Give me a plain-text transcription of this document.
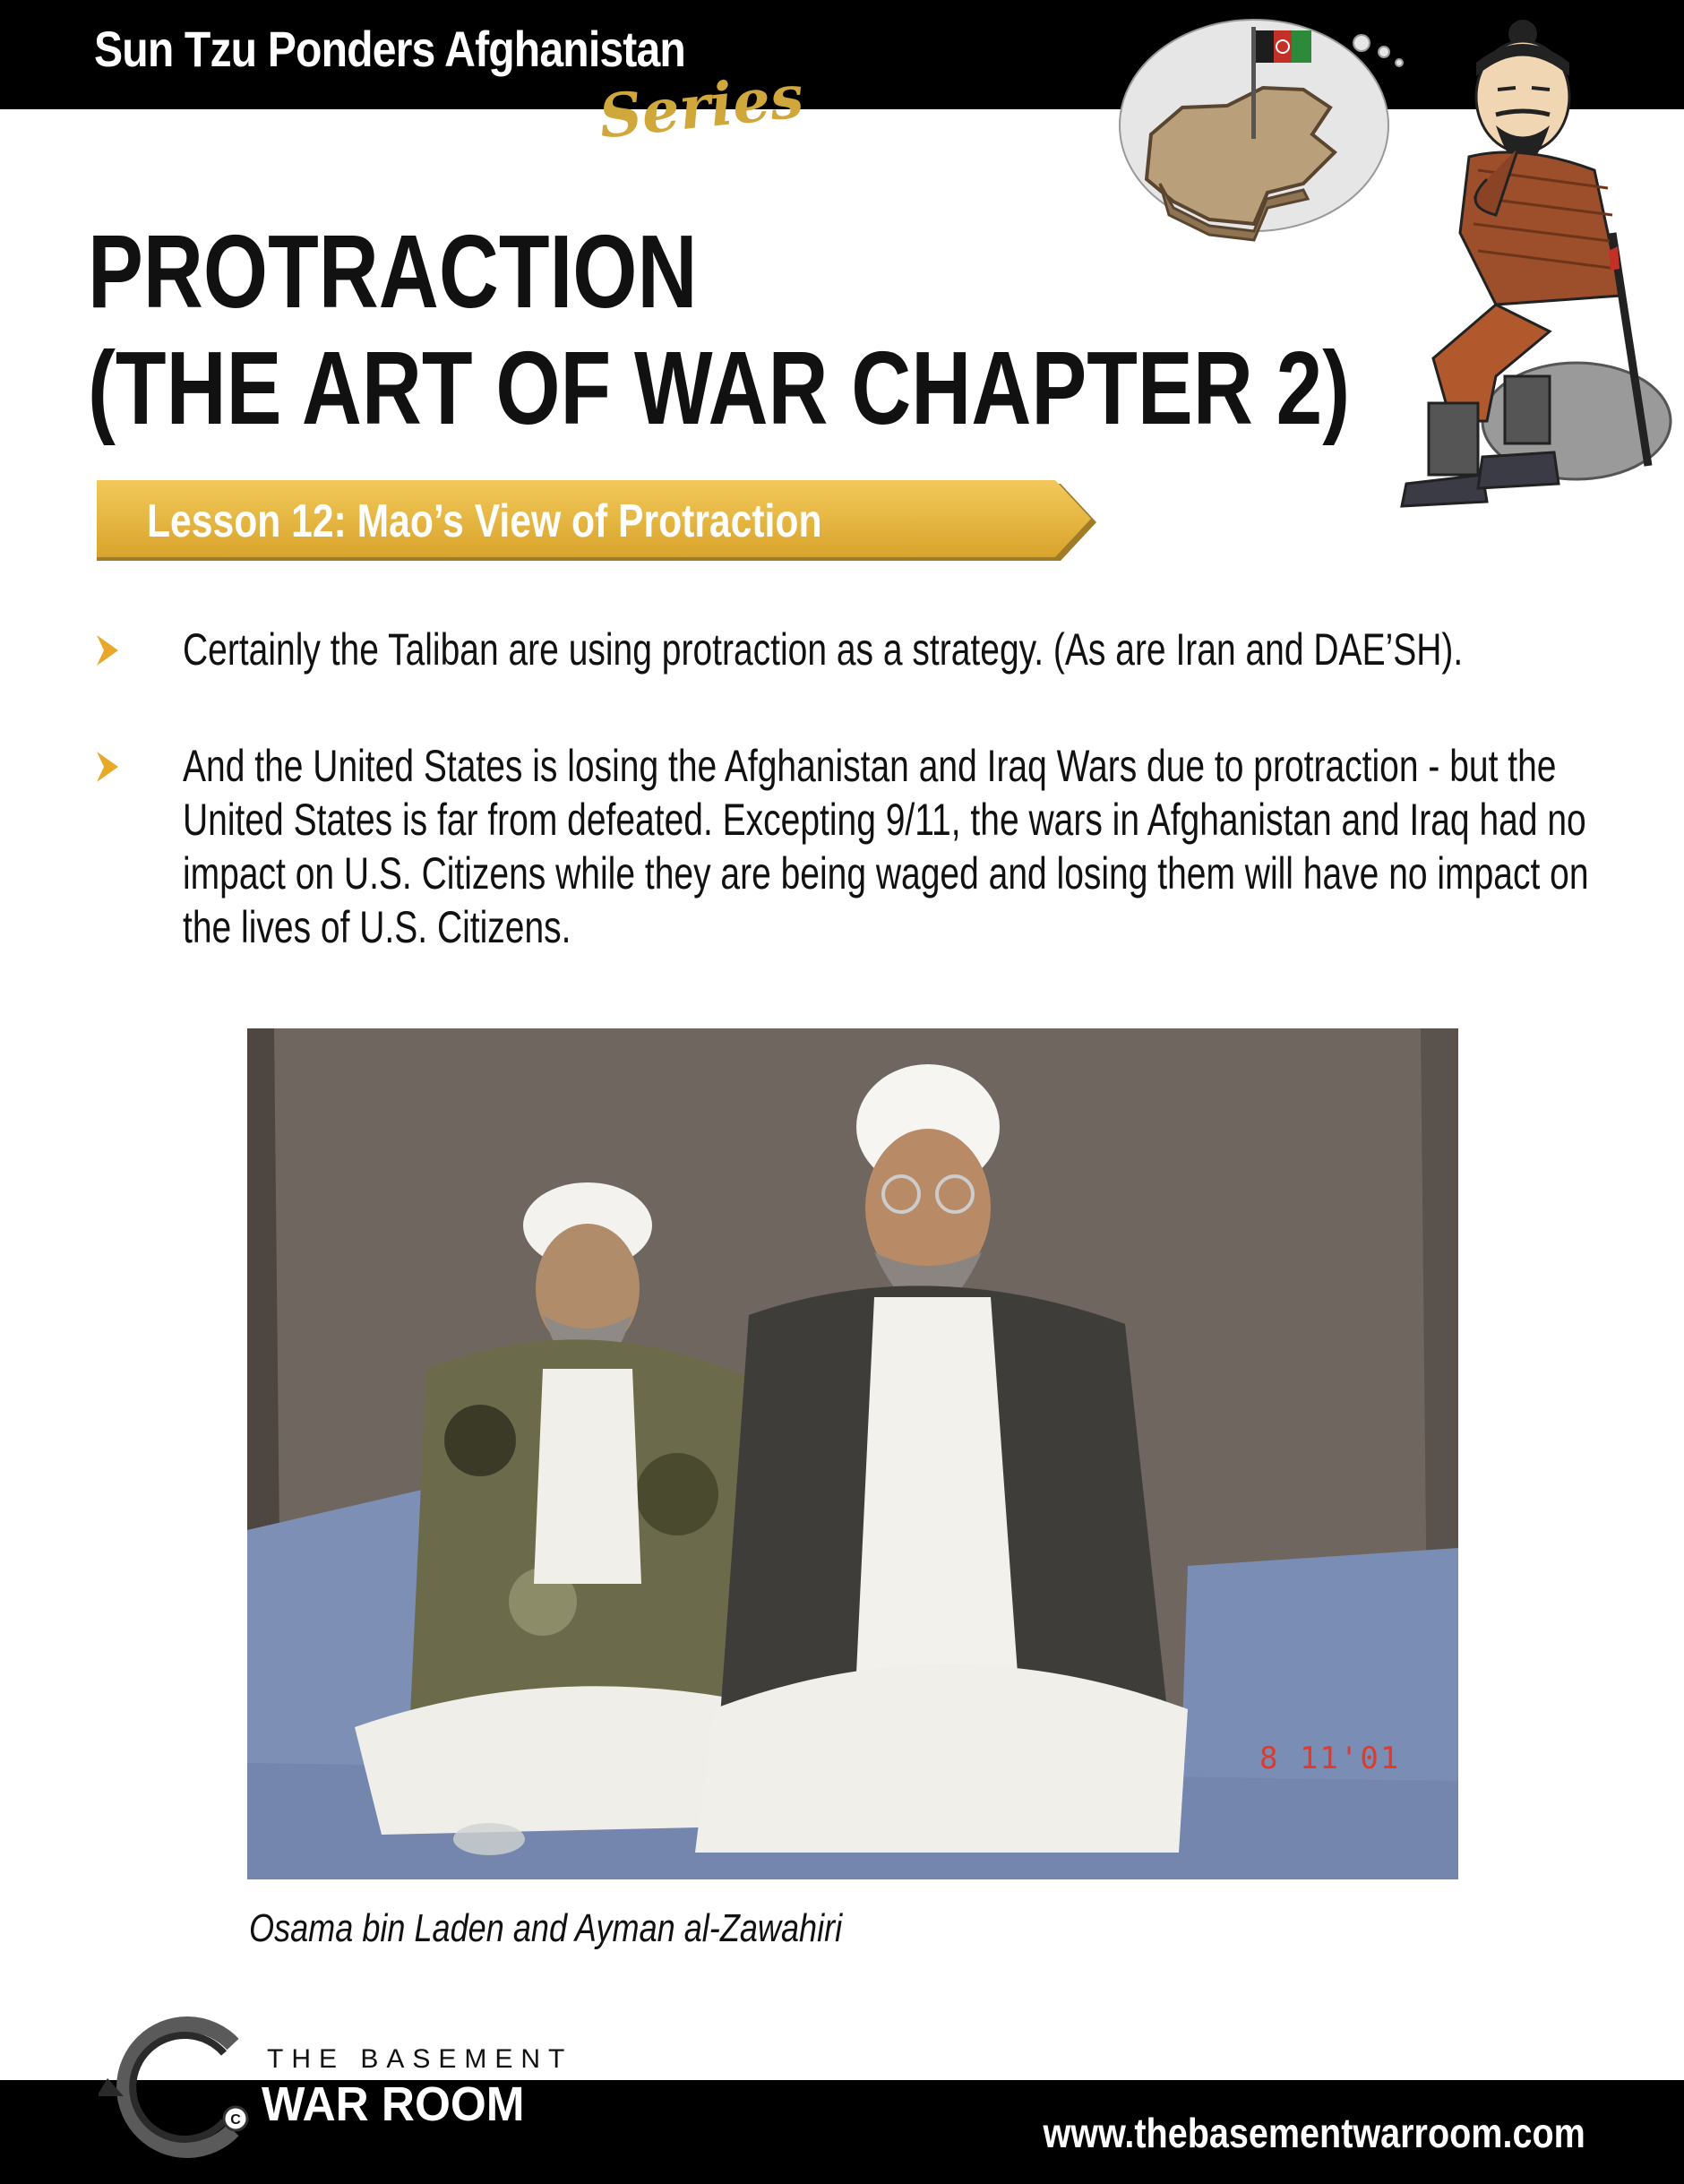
Sun Tzu Ponders Afghanistan
Series
PROTRACTION
(THE ART OF WAR CHAPTER 2)
Lesson 12: Mao’s View of Protraction

Certainly the Taliban are using protraction as a strategy. (As are Iran and DAE’SH).

And the United States is losing the Afghanistan and Iraq Wars due to protraction - but the United States is far from defeated. Excepting 9/11, the wars in Afghanistan and Iraq had no impact on U.S. Citizens while they are being waged and losing them will have no impact on the lives of U.S. Citizens.

8 11'01
Osama bin Laden and Ayman al-Zawahiri
www.thebasementwarroom.com
C
THE BASEMENT
WAR ROOM
